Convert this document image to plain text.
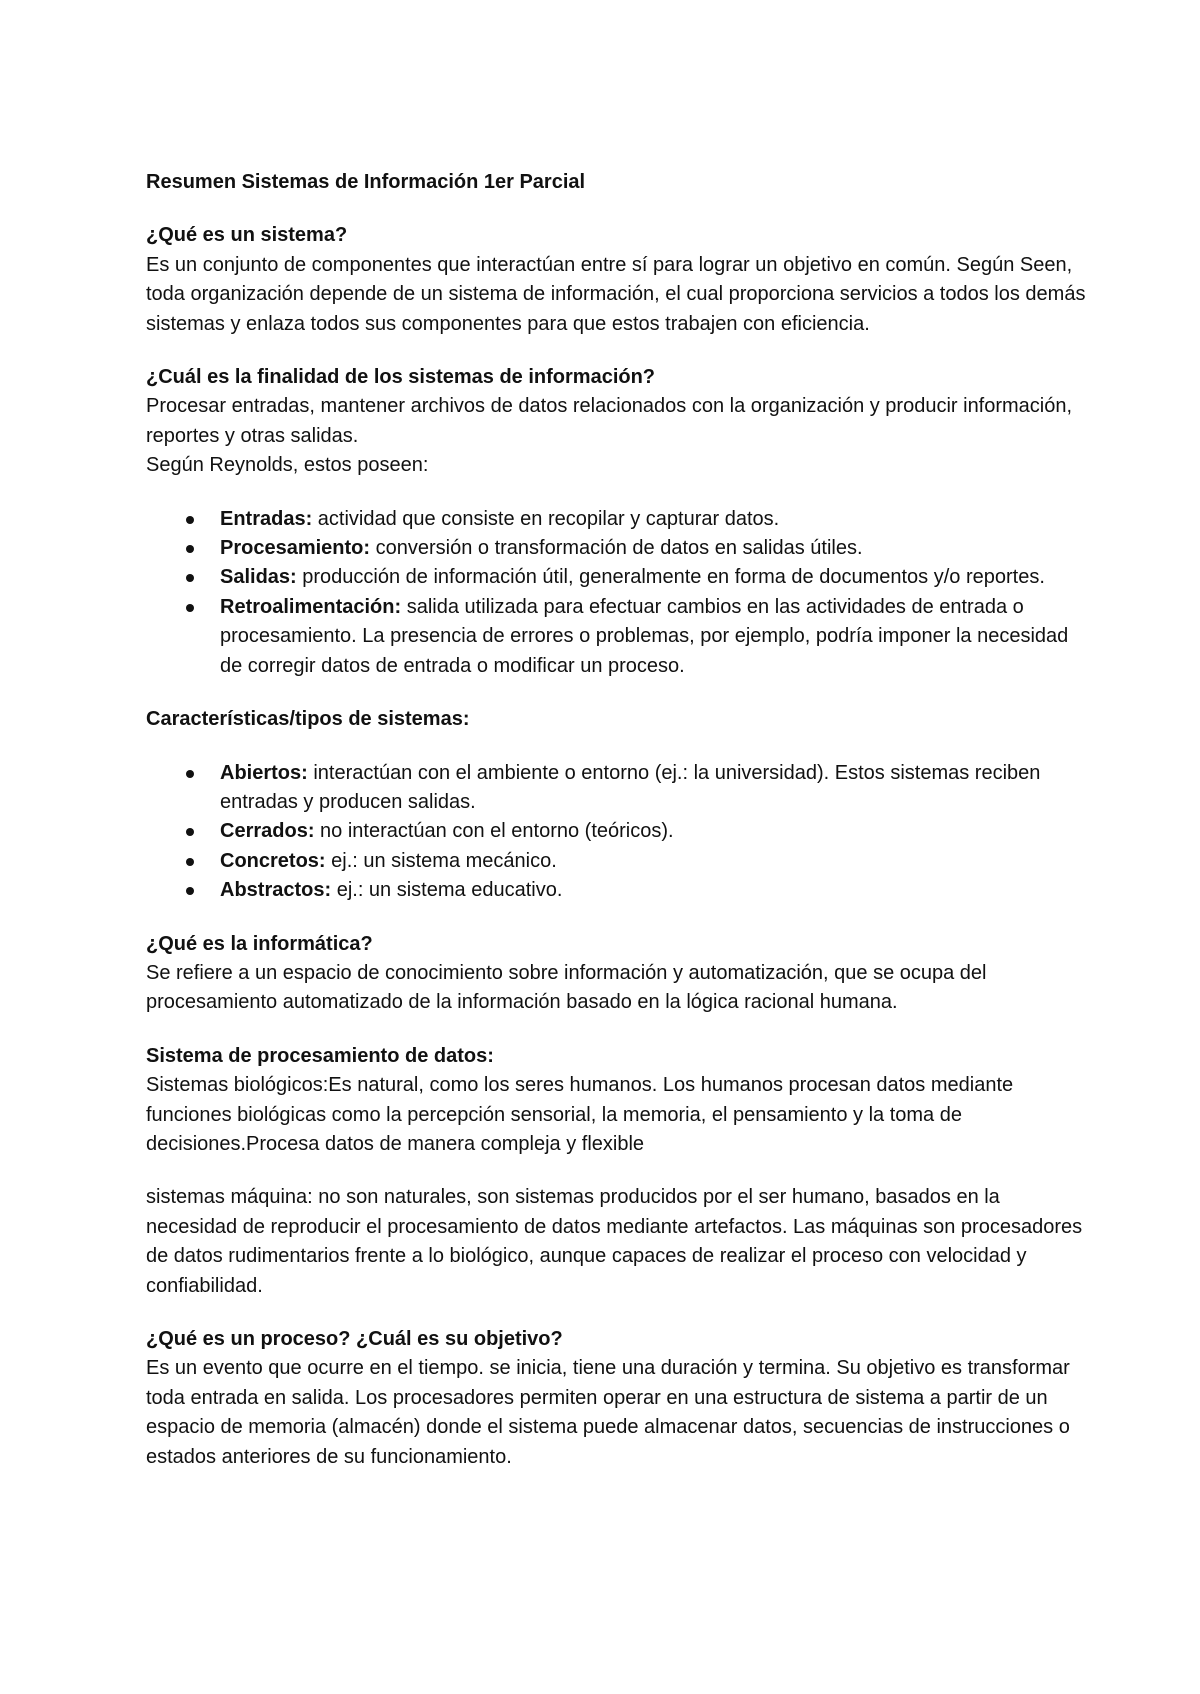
Resumen Sistemas de Información 1er Parcial
¿Qué es un sistema?
Es un conjunto de componentes que interactúan entre sí para lograr un objetivo en común. Según Seen, toda organización depende de un sistema de información, el cual proporciona servicios a todos los demás sistemas y enlaza todos sus componentes para que estos trabajen con eficiencia.
¿Cuál es la finalidad de los sistemas de información?
Procesar entradas, mantener archivos de datos relacionados con la organización y producir información, reportes y otras salidas.
Según Reynolds, estos poseen:
Entradas: actividad que consiste en recopilar y capturar datos.
Procesamiento: conversión o transformación de datos en salidas útiles.
Salidas: producción de información útil, generalmente en forma de documentos y/o reportes.
Retroalimentación: salida utilizada para efectuar cambios en las actividades de entrada o procesamiento. La presencia de errores o problemas, por ejemplo, podría imponer la necesidad de corregir datos de entrada o modificar un proceso.
Características/tipos de sistemas:
Abiertos: interactúan con el ambiente o entorno (ej.: la universidad). Estos sistemas reciben entradas y producen salidas.
Cerrados: no interactúan con el entorno (teóricos).
Concretos: ej.: un sistema mecánico.
Abstractos: ej.: un sistema educativo.
¿Qué es la informática?
Se refiere a un espacio de conocimiento sobre información y automatización, que se ocupa del procesamiento automatizado de la información basado en la lógica racional humana.
Sistema de procesamiento de datos:
Sistemas biológicos:Es natural, como los seres humanos. Los humanos procesan datos mediante funciones biológicas como la percepción sensorial, la memoria, el pensamiento y la toma de decisiones.Procesa datos de manera compleja y flexible
sistemas máquina: no son naturales, son sistemas producidos por el ser humano, basados en la necesidad de reproducir el procesamiento de datos mediante artefactos. Las máquinas son procesadores de datos rudimentarios frente a lo biológico, aunque capaces de realizar el proceso con velocidad y confiabilidad.
¿Qué es un proceso? ¿Cuál es su objetivo?
Es un evento que ocurre en el tiempo. se inicia, tiene una duración y termina. Su objetivo es transformar toda entrada en salida. Los procesadores permiten operar en una estructura de sistema a partir de un espacio de memoria (almacén) donde el sistema puede almacenar datos, secuencias de instrucciones o estados anteriores de su funcionamiento.
